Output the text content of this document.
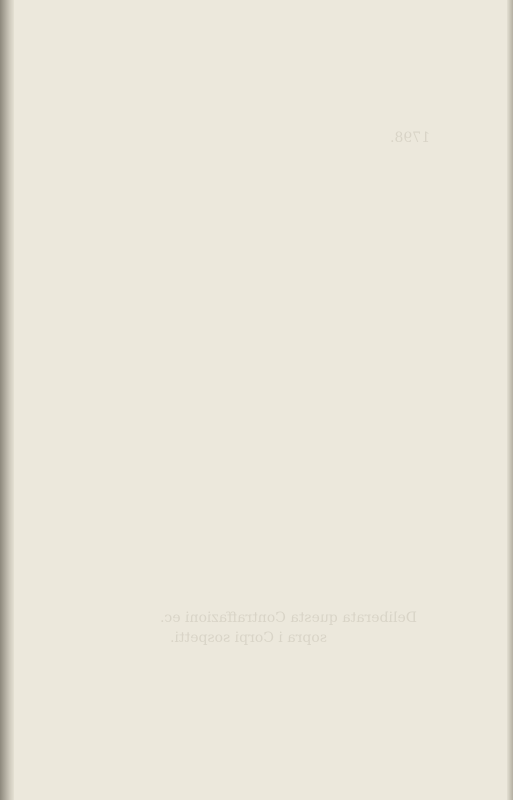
1798.
Deliberata questa Contraffazioni ec.
sopra i Corpi sospetti.
